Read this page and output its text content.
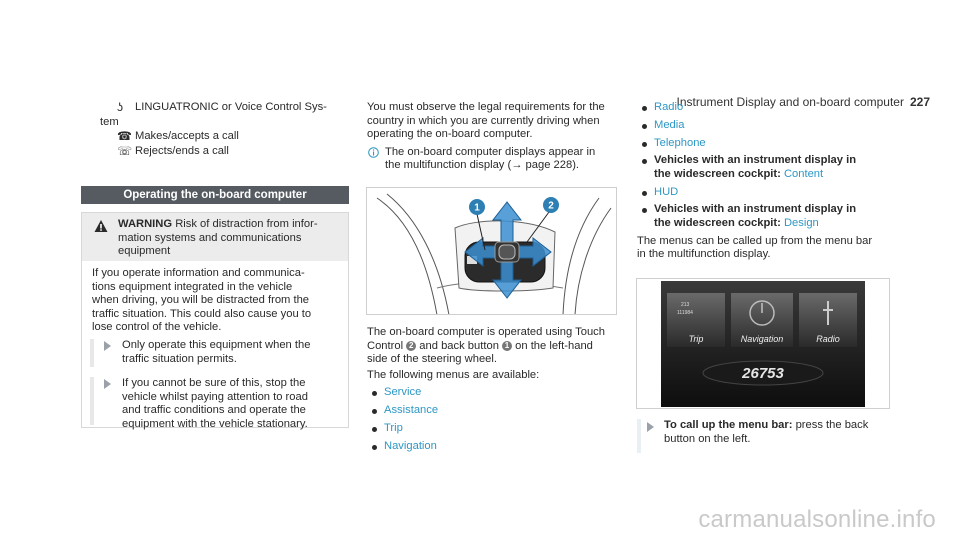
Instrument Display and on-board computer 227
ʖ	LINGUATRONIC or Voice Control Sys-
tem
☎ Makes/accepts a call
☏ Rejects/ends a call
Operating the on-board computer
WARNING Risk of distraction from infor-
mation systems and communications
equipment
If you operate information and communica-
tions equipment integrated in the vehicle
when driving, you will be distracted from the
traffic situation. This could also cause you to
lose control of the vehicle.
Only operate this equipment when the
traffic situation permits.
If you cannot be sure of this, stop the
vehicle whilst paying attention to road
and traffic conditions and operate the
equipment with the vehicle stationary.
You must observe the legal requirements for the
country in which you are currently driving when
operating the on-board computer.
The on-board computer displays appear in
the multifunction display (→ page 228).
1	2
The on-board computer is operated using Touch
Control 2 and back button 1 on the left-hand
side of the steering wheel.
The following menus are available:
Service
Assistance
Trip
Navigation
Radio
Media
Telephone
Vehicles with an instrument display in
the widescreen cockpit: Content
HUD
Vehicles with an instrument display in
the widescreen cockpit: Design
The menus can be called up from the menu bar
in the multifunction display.
213
111984
Trip	Navigation	Radio
26753
To call up the menu bar: press the back
button on the left.
carmanualsonline.info
